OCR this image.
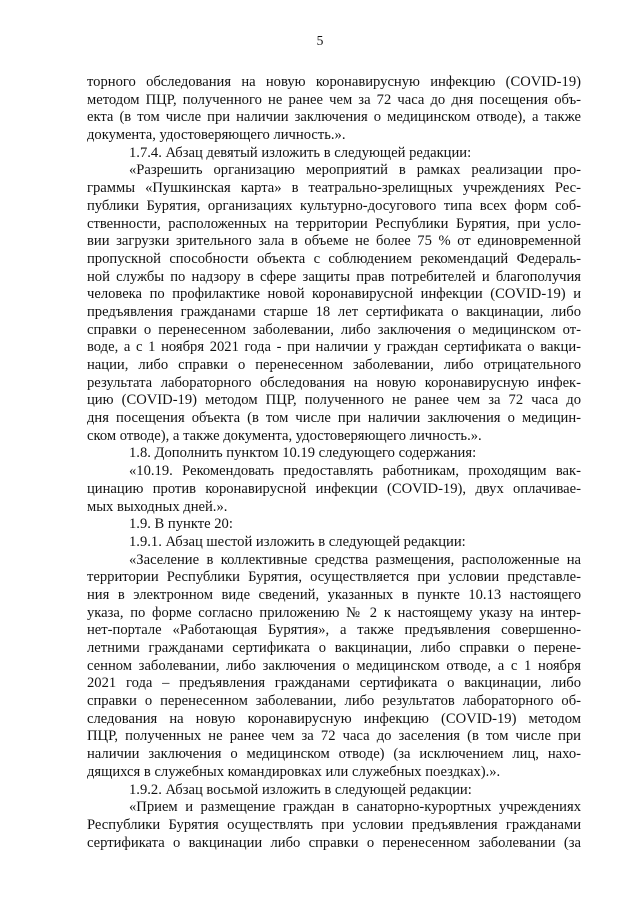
5
торного обследования на новую коронавирусную инфекцию (COVID-19)
методом ПЦР, полученного не ранее чем за 72 часа до дня посещения объ-
екта (в том числе при наличии заключения о медицинском отводе), а также
документа, удостоверяющего личность.».
1.7.4. Абзац девятый изложить в следующей редакции:
«Разрешить организацию мероприятий в рамках реализации про-
граммы «Пушкинская карта» в театрально-зрелищных учреждениях Рес-
публики Бурятия, организациях культурно-досугового типа всех форм соб-
ственности, расположенных на территории Республики Бурятия, при усло-
вии загрузки зрительного зала в объеме не более 75 % от единовременной
пропускной способности объекта с соблюдением рекомендаций Федераль-
ной службы по надзору в сфере защиты прав потребителей и благополучия
человека по профилактике новой коронавирусной инфекции (COVID-19) и
предъявления гражданами старше 18 лет сертификата о вакцинации, либо
справки о перенесенном заболевании, либо заключения о медицинском от-
воде, а с 1 ноября 2021 года - при наличии у граждан сертификата о вакци-
нации, либо справки о перенесенном заболевании, либо отрицательного
результата лабораторного обследования на новую коронавирусную инфек-
цию (COVID-19) методом ПЦР, полученного не ранее чем за 72 часа до
дня посещения объекта (в том числе при наличии заключения о медицин-
ском отводе), а также документа, удостоверяющего личность.».
1.8. Дополнить пунктом 10.19 следующего содержания:
«10.19. Рекомендовать предоставлять работникам, проходящим вак-
цинацию против коронавирусной инфекции (COVID-19), двух оплачивае-
мых выходных дней.».
1.9. В пункте 20:
1.9.1. Абзац шестой изложить в следующей редакции:
«Заселение в коллективные средства размещения, расположенные на
территории Республики Бурятия, осуществляется при условии представле-
ния в электронном виде сведений, указанных в пункте 10.13 настоящего
указа, по форме согласно приложению № 2 к настоящему указу на интер-
нет-портале «Работающая Бурятия», а также предъявления совершенно-
летними гражданами сертификата о вакцинации, либо справки о перене-
сенном заболевании, либо заключения о медицинском отводе, а с 1 ноября
2021 года – предъявления гражданами сертификата о вакцинации, либо
справки о перенесенном заболевании, либо результатов лабораторного об-
следования на новую коронавирусную инфекцию (COVID-19) методом
ПЦР, полученных не ранее чем за 72 часа до заселения (в том числе при
наличии заключения о медицинском отводе) (за исключением лиц, нахо-
дящихся в служебных командировках или служебных поездках).».
1.9.2. Абзац восьмой изложить в следующей редакции:
«Прием и размещение граждан в санаторно-курортных учреждениях
Республики Бурятия осуществлять при условии предъявления гражданами
сертификата о вакцинации либо справки о перенесенном заболевании (за
